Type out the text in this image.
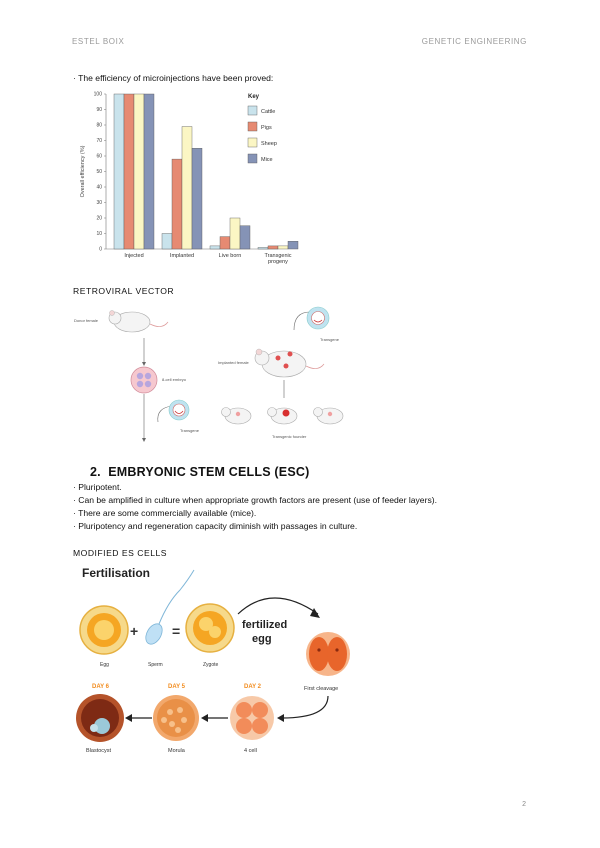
ESTEL BOIX	GENETIC ENGINEERING
· The efficiency of microinjections have been proved:
0
10
20
30
40
50
60
70
80
90
100
Overall efficiency (%)
Injected	Implanted	Live born	Transgenic
progeny
Key
Cattle
Pigs
Sheep
Mice
RETROVIRAL VECTOR
Donor female
8-cell embryo
Transgene
Transgene
Implanted female
Transgenic founder
2. EMBRYONIC STEM CELLS (ESC)
· Pluripotent.
· Can be amplified in culture when appropriate growth factors are present (use of feeder layers).
· There are some commercially available (mice).
· Pluripotency and regeneration capacity diminish with passages in culture.
MODIFIED ES CELLS
Fertilisation
Egg
+
Sperm
=
Zygote
fertilized
egg
First cleavage
DAY 2
4 cell
DAY 5
Morula
DAY 6
Blastocyst
2
